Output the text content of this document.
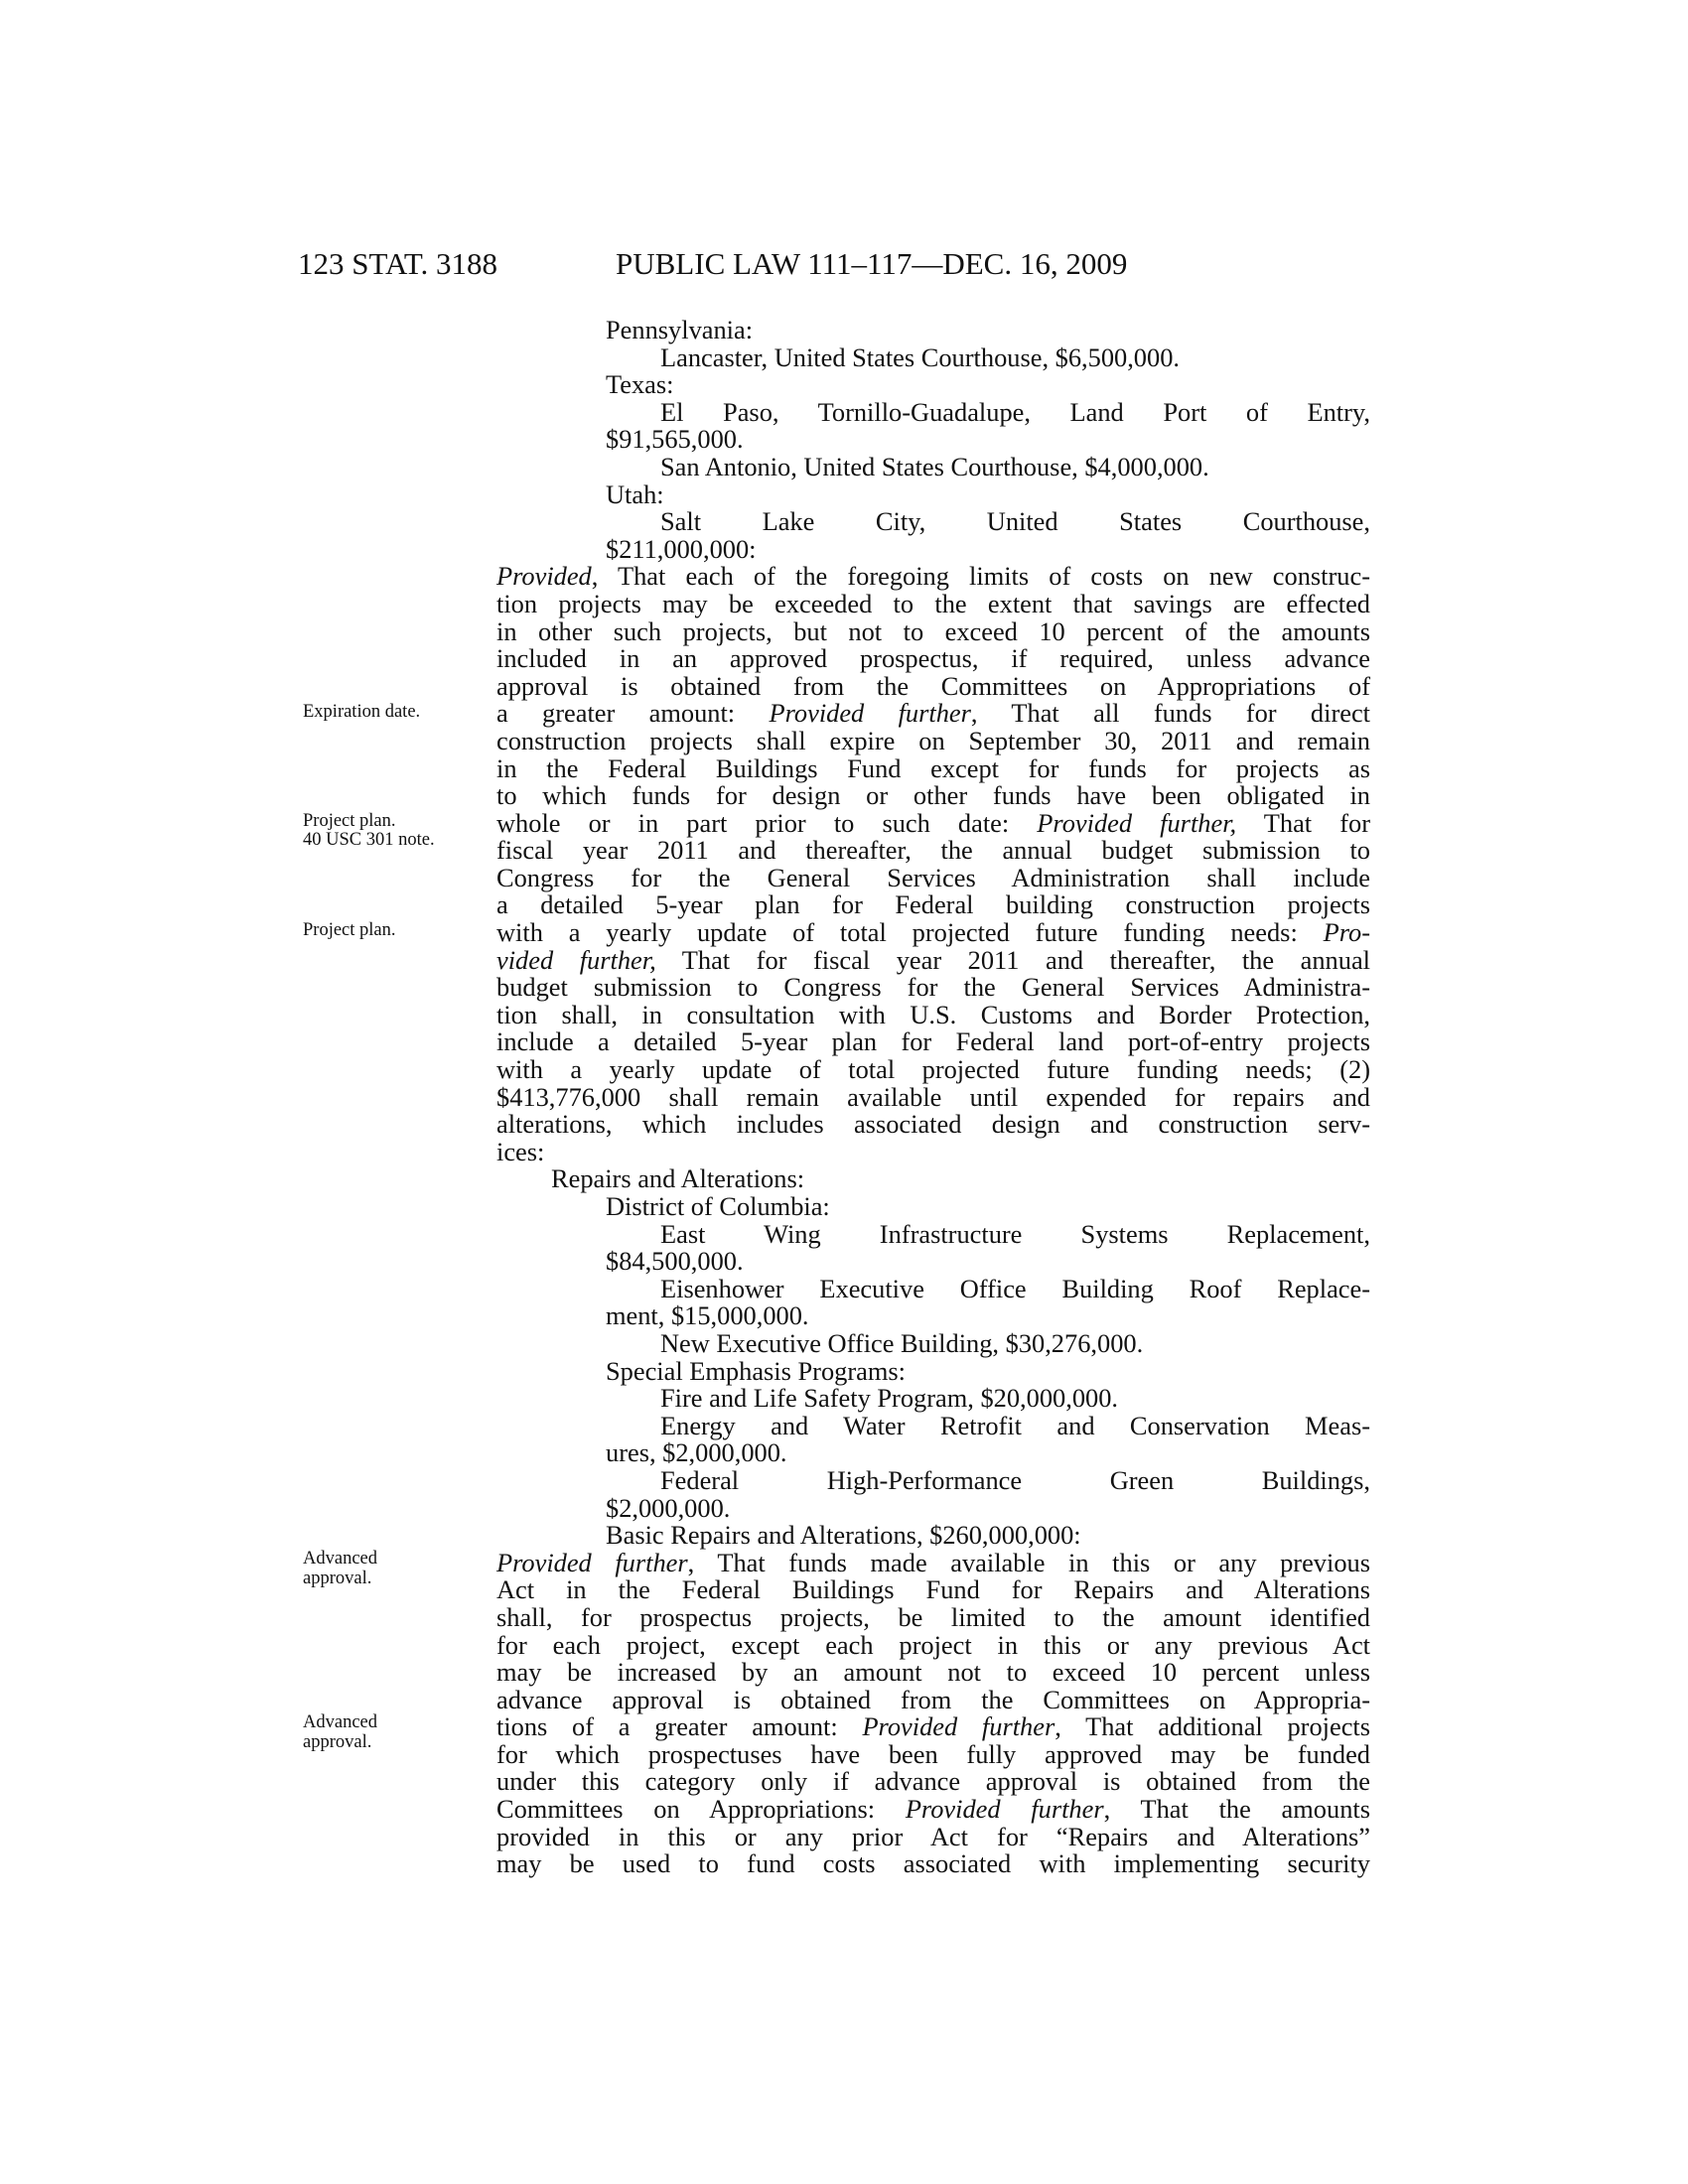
123 STAT. 3188	PUBLIC LAW 111–117—DEC. 16, 2009
Expiration date.
Project plan.
40 USC 301 note.
Project plan.
Advanced
approval.
Advanced
approval.
Pennsylvania:
Lancaster, United States Courthouse, $6,500,000.
Texas:
El Paso, Tornillo-Guadalupe, Land Port of Entry,
$91,565,000.
San Antonio, United States Courthouse, $4,000,000.
Utah:
Salt Lake City, United States Courthouse,
$211,000,000:
Provided, That each of the foregoing limits of costs on new construc-
tion projects may be exceeded to the extent that savings are effected
in other such projects, but not to exceed 10 percent of the amounts
included in an approved prospectus, if required, unless advance
approval is obtained from the Committees on Appropriations of
a greater amount: Provided further, That all funds for direct
construction projects shall expire on September 30, 2011 and remain
in the Federal Buildings Fund except for funds for projects as
to which funds for design or other funds have been obligated in
whole or in part prior to such date: Provided further, That for
fiscal year 2011 and thereafter, the annual budget submission to
Congress for the General Services Administration shall include
a detailed 5-year plan for Federal building construction projects
with a yearly update of total projected future funding needs: Pro-
vided further, That for fiscal year 2011 and thereafter, the annual
budget submission to Congress for the General Services Administra-
tion shall, in consultation with U.S. Customs and Border Protection,
include a detailed 5-year plan for Federal land port-of-entry projects
with a yearly update of total projected future funding needs; (2)
$413,776,000 shall remain available until expended for repairs and
alterations, which includes associated design and construction serv-
ices:
Repairs and Alterations:
District of Columbia:
East Wing Infrastructure Systems Replacement,
$84,500,000.
Eisenhower Executive Office Building Roof Replace-
ment, $15,000,000.
New Executive Office Building, $30,276,000.
Special Emphasis Programs:
Fire and Life Safety Program, $20,000,000.
Energy and Water Retrofit and Conservation Meas-
ures, $2,000,000.
Federal High-Performance Green Buildings,
$2,000,000.
Basic Repairs and Alterations, $260,000,000:
Provided further, That funds made available in this or any previous
Act in the Federal Buildings Fund for Repairs and Alterations
shall, for prospectus projects, be limited to the amount identified
for each project, except each project in this or any previous Act
may be increased by an amount not to exceed 10 percent unless
advance approval is obtained from the Committees on Appropria-
tions of a greater amount: Provided further, That additional projects
for which prospectuses have been fully approved may be funded
under this category only if advance approval is obtained from the
Committees on Appropriations: Provided further, That the amounts
provided in this or any prior Act for “Repairs and Alterations”
may be used to fund costs associated with implementing security
